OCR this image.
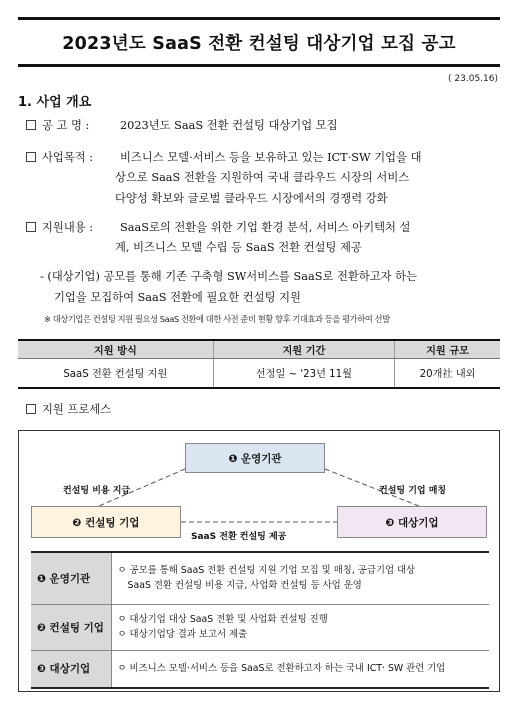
2023년도 SaaS 전환 컨설팅 대상기업 모집 공고
( 23.05.16)
1. 사업 개요
공 고 명 :	2023년도 SaaS 전환 컨설팅 대상기업 모집
사업목적 : 비즈니스 모델·서비스 등을 보유하고 있는 ICT·SW 기업을 대
상으로 SaaS 전환을 지원하여 국내 클라우드 시장의 서비스
다양성 확보와 글로벌 클라우드 시장에서의 경쟁력 강화
지원내용 : SaaS로의 전환을 위한 기업 환경 분석, 서비스 아키텍처 설
계, 비즈니스 모델 수립 등 SaaS 전환 컨설팅 제공
- (대상기업) 공모를 통해 기존 구축형 SW서비스를 SaaS로 전환하고자 하는
기업을 모집하여 SaaS 전환에 필요한 컨설팅 지원
※ 대상기업은 컨설팅 지원 필요성 SaaS 전환에 대한 사전 준비 현황 향후 기대효과 등을 평가하여 선발
지원 방식	지원 기간	지원 규모
SaaS 전환 컨설팅 지원	선정일 ~ '23년 11월	20개社 내외
지원 프로세스
❶ 운영기관
❷ 컨설팅 기업	❸ 대상기업
컨설팅 비용 지급	컨설팅 기업 매칭
SaaS 전환 컨설팅 제공
❶ 운영기관	ㅇ 공모를 통해 SaaS 전환 컨설팅 지원 기업 모집 및 매칭, 공급기업 대상
SaaS 전환 컨설팅 비용 지급, 사업화 컨설팅 등 사업 운영

❷ 컨설팅 기업	ㅇ 대상기업 대상 SaaS 전환 및 사업화 컨설팅 진행
ㅇ 대상기업당 결과 보고서 제출

❸ 대상기업	ㅇ 비즈니스 모델·서비스 등을 SaaS로 전환하고자 하는 국내 ICT· SW 관련 기업
